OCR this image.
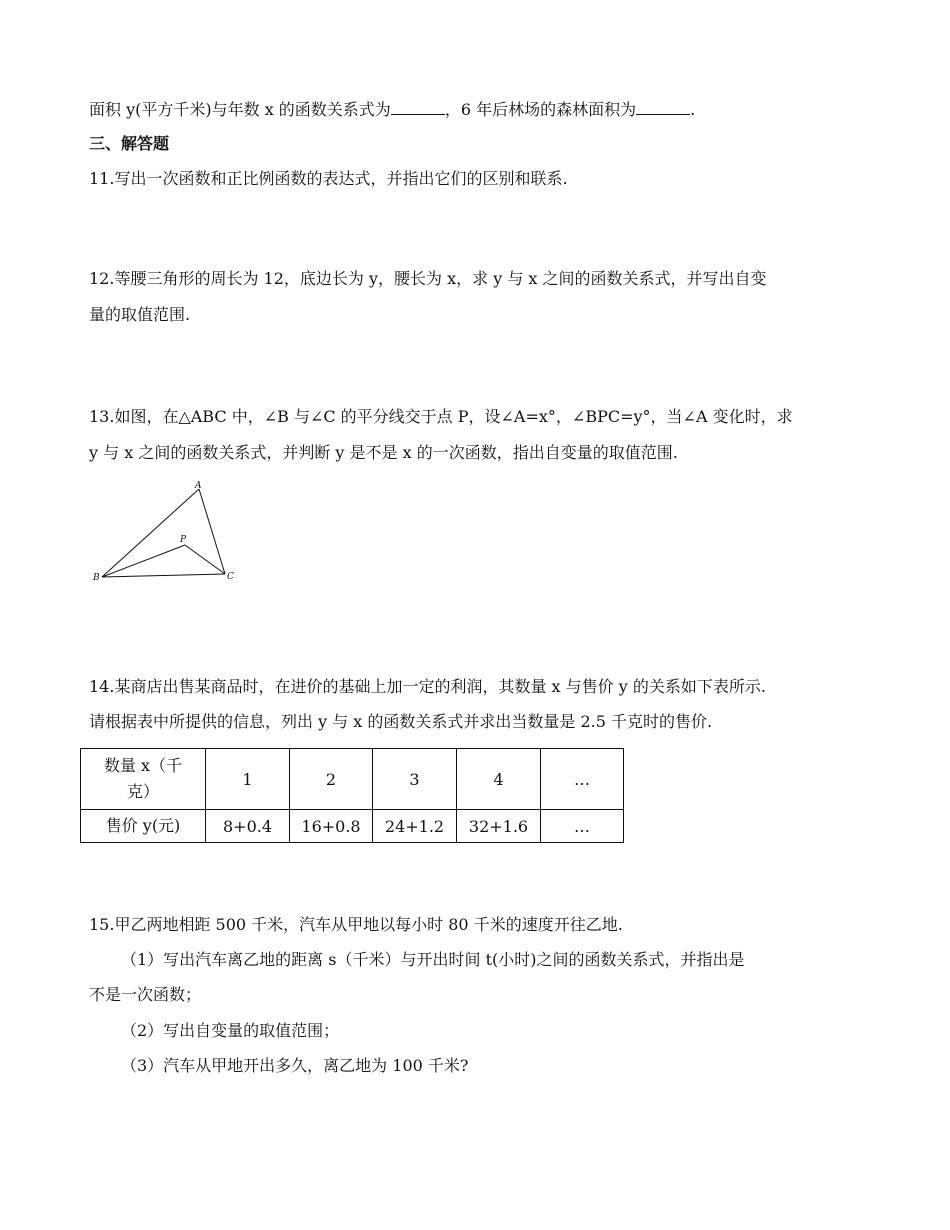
面积 y(平方千米)与年数 x 的函数关系式为	，6 年后林场的森林面积为	.
三、解答题
11.写出一次函数和正比例函数的表达式，并指出它们的区别和联系.
12.等腰三角形的周长为 12，底边长为 y，腰长为 x，求 y 与 x 之间的函数关系式，并写出自变
量的取值范围.
13.如图，在△ABC 中，∠B 与∠C 的平分线交于点 P，设∠A=x°，∠BPC=y°，当∠A 变化时，求
y 与 x 之间的函数关系式，并判断 y 是不是 x 的一次函数，指出自变量的取值范围.
A
B	C
P
14.某商店出售某商品时，在进价的基础上加一定的利润，其数量 x 与售价 y 的关系如下表所示.
请根据表中所提供的信息，列出 y 与 x 的函数关系式并求出当数量是 2.5 千克时的售价.
数量 x（千
克）	1	2	3	4	…
售价 y(元)	8+0.4	16+0.8	24+1.2	32+1.6	…
15.甲乙两地相距 500 千米，汽车从甲地以每小时 80 千米的速度开往乙地.
（1）写出汽车离乙地的距离 s（千米）与开出时间 t(小时)之间的函数关系式，并指出是
不是一次函数；
（2）写出自变量的取值范围；
（3）汽车从甲地开出多久，离乙地为 100 千米?
